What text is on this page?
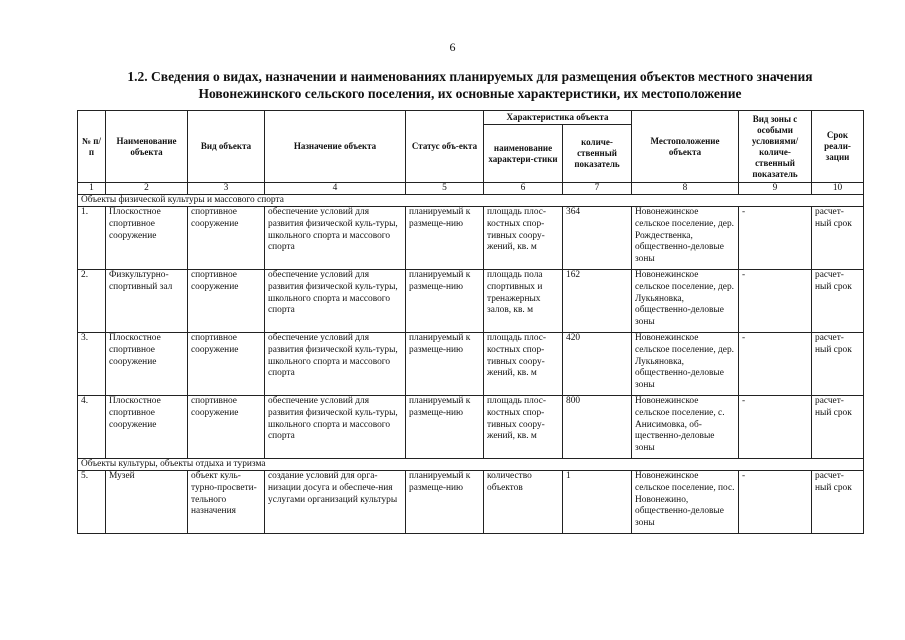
6
1.2. Сведения о видах, назначении и наименованиях планируемых для размещения объектов местного значения
Новонежинского сельского поселения, их основные характеристики, их местоположение
№ п/п	Наименование объекта	Вид объекта	Назначение объекта	Статус объ-екта	Характеристика объекта		Местоположение объекта	Вид зоны с особыми условиями/ количе-ственный показатель	Срок реали-зации
					наименование характери-стики	количе-ственный показатель			
1	2	3	4	5	6	7	8	9	10
Объекты физической культуры и массового спорта									
1.	Плоскостное спортивное сооружение	спортивное сооружение	обеспечение условий для развития физической куль-туры, школьного спорта и массового спорта	планируемый к размеще-нию	площадь плос-костных спор-тивных соору-жений, кв. м	364	Новонежинское сельское поселение, дер. Рождественка, общественно-деловые зоны	-	расчет-ный срок
2.	Физкультурно-спортивный зал	спортивное сооружение	обеспечение условий для развития физической куль-туры, школьного спорта и массового спорта	планируемый к размеще-нию	площадь пола спортивных и тренажерных залов, кв. м	162	Новонежинское сельское поселение, дер. Лукьяновка, общественно-деловые зоны	-	расчет-ный срок
3.	Плоскостное спортивное сооружение	спортивное сооружение	обеспечение условий для развития физической куль-туры, школьного спорта и массового спорта	планируемый к размеще-нию	площадь плос-костных спор-тивных соору-жений, кв. м	420	Новонежинское сельское поселение, дер. Лукьяновка, общественно-деловые зоны	-	расчет-ный срок
4.	Плоскостное спортивное сооружение	спортивное сооружение	обеспечение условий для развития физической куль-туры, школьного спорта и массового спорта	планируемый к размеще-нию	площадь плос-костных спор-тивных соору-жений, кв. м	800	Новонежинское сельское поселение, с. Анисимовка, об-щественно-деловые зоны	-	расчет-ный срок
Объекты культуры, объекты отдыха и туризма									
5.	Музей	объект куль-турно-просвети-тельного назначения	создание условий для орга-низации досуга и обеспече-ния услугами организаций культуры	планируемый к размеще-нию	количество объектов	1	Новонежинское сельское поселение, пос. Новонежино, общественно-деловые зоны	-	расчет-ный срок
